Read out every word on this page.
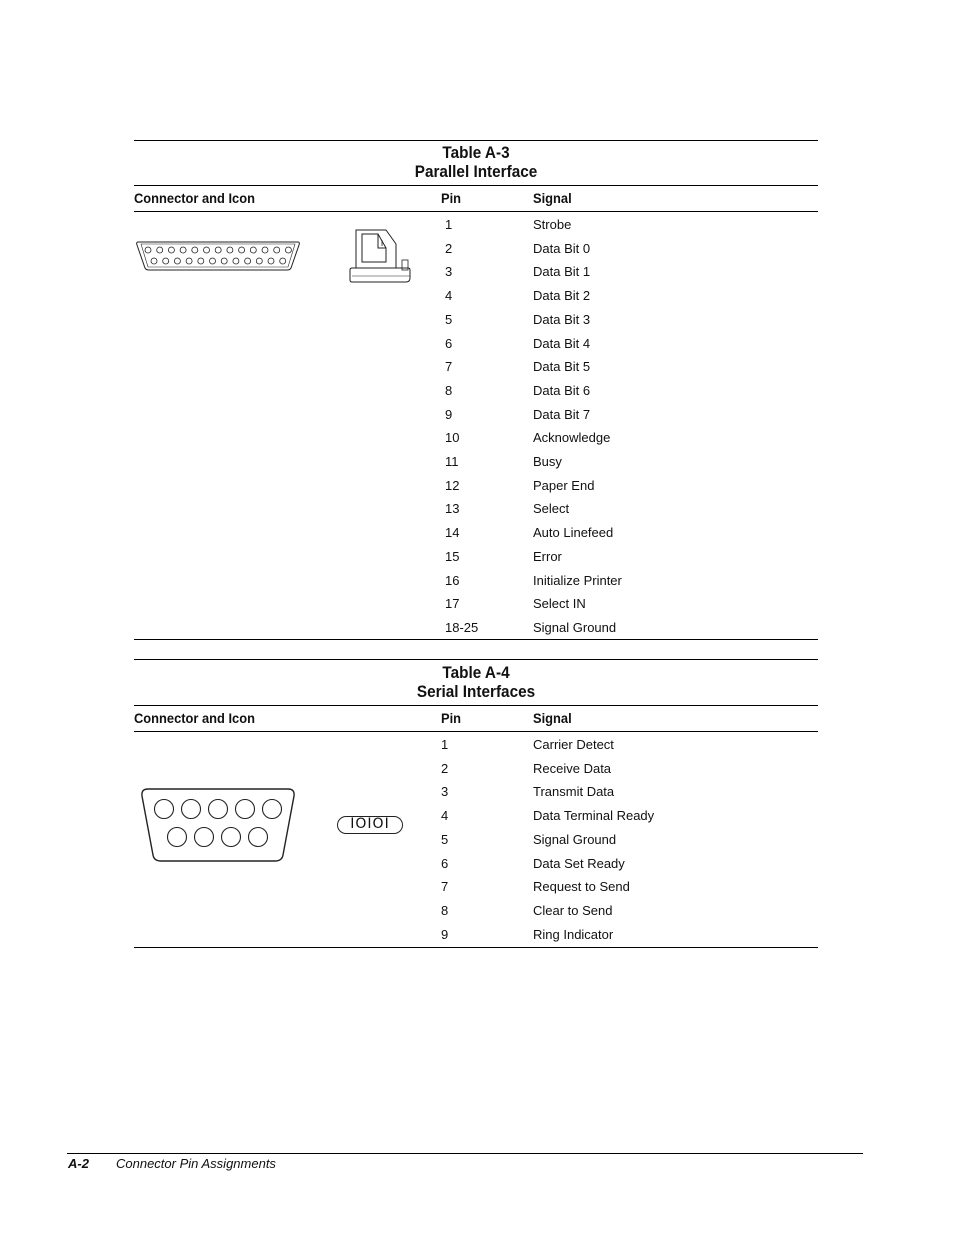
Table A-3
Parallel Interface
Connector and Icon	Pin	Signal
1	Strobe
2	Data Bit 0
3	Data Bit 1
4	Data Bit 2
5	Data Bit 3
6	Data Bit 4
7	Data Bit 5
8	Data Bit 6
9	Data Bit 7
10	Acknowledge
11	Busy
12	Paper End
13	Select
14	Auto Linefeed
15	Error
16	Initialize Printer
17	Select IN
18-25	Signal Ground
Table A-4
Serial Interfaces
Connector and Icon	Pin	Signal
IOIOI
1	Carrier Detect
2	Receive Data
3	Transmit Data
4	Data Terminal Ready
5	Signal Ground
6	Data Set Ready
7	Request to Send
8	Clear to Send
9	Ring Indicator
A-2 Connector Pin Assignments
